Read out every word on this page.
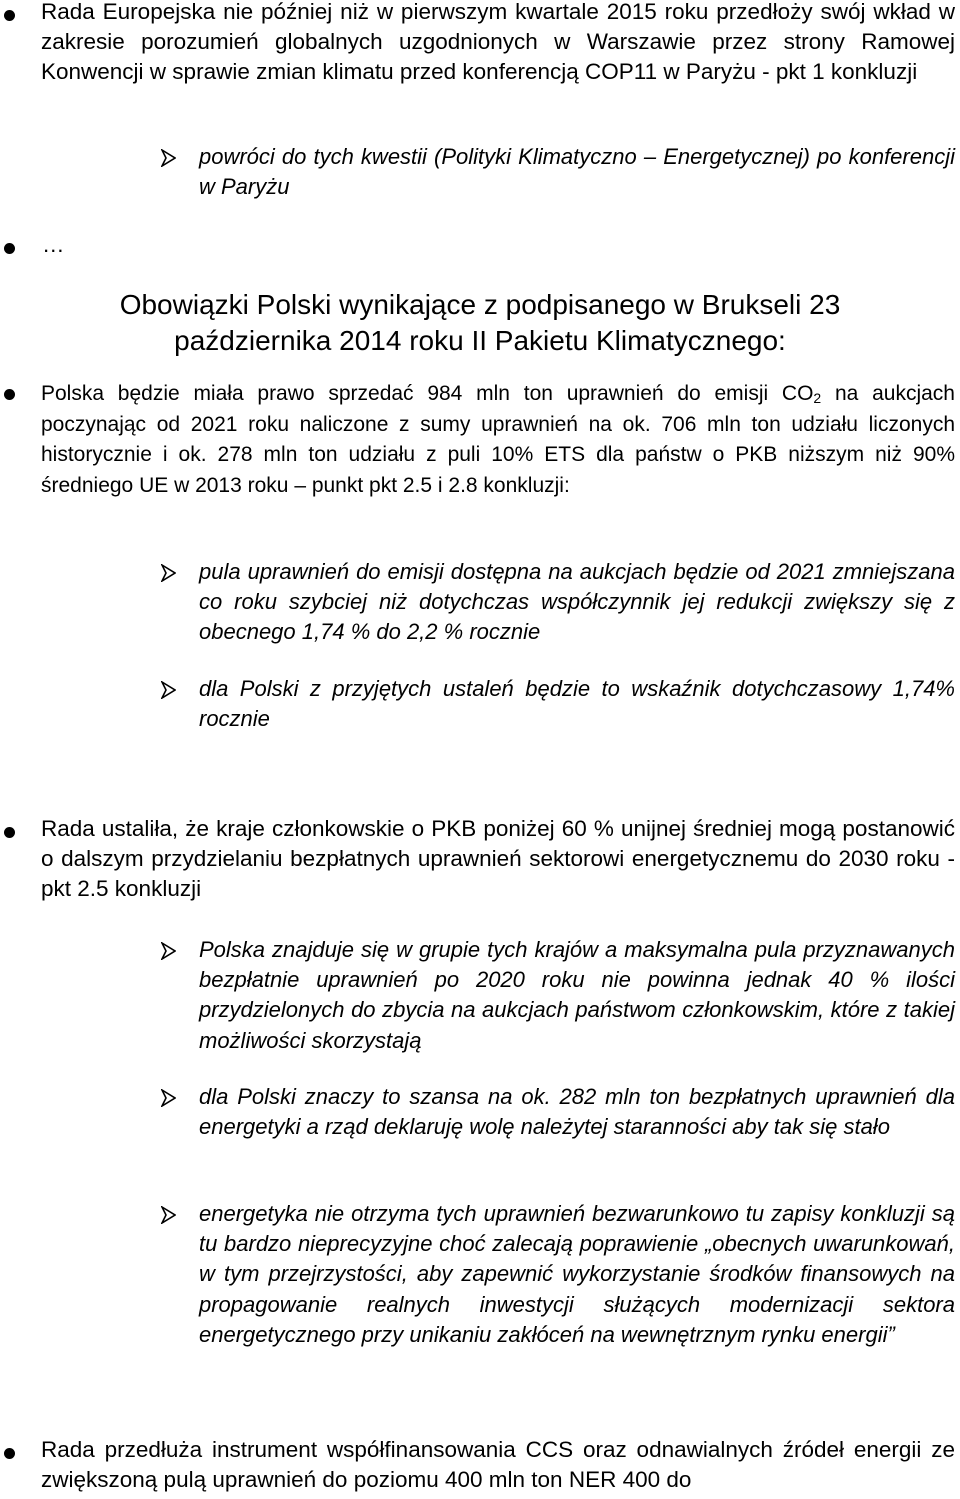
Rada Europejska nie później niż w pierwszym kwartale 2015 roku przedłoży swój wkład w zakresie porozumień globalnych uzgodnionych w Warszawie przez strony Ramowej Konwencji w sprawie zmian klimatu przed konferencją COP11 w Paryżu - pkt 1 konkluzji

powróci do tych kwestii (Polityki Klimatyczno – Energetycznej) po konferencji w Paryżu

…

Obowiązki Polski wynikające z podpisanego w Brukseli 23

października 2014 roku II Pakietu Klimatycznego:

Polska będzie miała prawo sprzedać 984 mln ton uprawnień do emisji $CO_2$ na aukcjach poczynając od 2021 roku naliczone z sumy uprawnień na ok. 706 mln ton udziału liczonych historycznie i ok. 278 mln ton udziału z puli 10% ETS dla państw o PKB niższym niż 90% średniego UE w 2013 roku – punkt pkt 2.5 i 2.8 konkluzji:

pula uprawnień do emisji dostępna na aukcjach będzie od 2021 zmniejszana co roku szybciej niż dotychczas współczynnik jej redukcji zwiększy się z obecnego 1,74 % do 2,2 % rocznie

dla Polski z przyjętych ustaleń będzie to wskaźnik dotychczasowy 1,74% rocznie

Rada ustaliła, że kraje członkowskie o PKB poniżej 60 % unijnej średniej mogą postanowić o dalszym przydzielaniu bezpłatnych uprawnień sektorowi energetycznemu do 2030 roku - pkt 2.5 konkluzji

Polska znajduje się w grupie tych krajów a maksymalna pula przyznawanych bezpłatnie uprawnień po 2020 roku nie powinna jednak 40 % ilości przydzielonych do zbycia na aukcjach państwom członkowskim, które z takiej możliwości skorzystają

dla Polski znaczy to szansa na ok. 282 mln ton bezpłatnych uprawnień dla energetyki a rząd deklaruję wolę należytej staranności aby tak się stało

energetyka nie otrzyma tych uprawnień bezwarunkowo tu zapisy konkluzji są tu bardzo nieprecyzyjne choć zalecają poprawienie „obecnych uwarunkowań, w tym przejrzystości, aby zapewnić wykorzystanie środków finansowych na propagowanie realnych inwestycji służących modernizacji sektora energetycznego przy unikaniu zakłóceń na wewnętrznym rynku energii”

Rada przedłuża instrument współfinansowania CCS oraz odnawialnych źródeł energii ze zwiększoną pulą uprawnień do poziomu 400 mln ton NER 400 do
